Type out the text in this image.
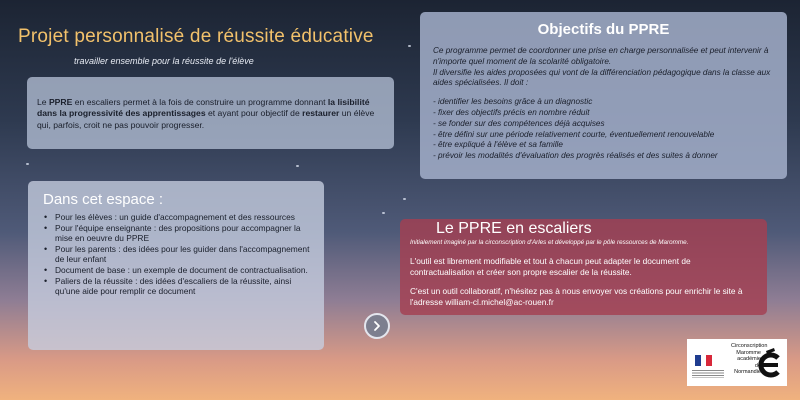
Projet personnalisé de réussite éducative

travailler ensemble pour la réussite de l'élève

Le PPRE en escaliers permet à la fois de construire un programme donnant la lisibilité dans la progressivité des apprentissages et ayant pour objectif de restaurer un élève qui, parfois, croit ne pas pouvoir progresser.
Dans cet espace :
• Pour les élèves : un guide d'accompagnement et des ressources
• Pour l'équipe enseignante : des propositions pour accompagner la mise en oeuvre du PPRE
• Pour les parents : des idées pour les guider dans l'accompagnement de leur enfant
• Document de base : un exemple de document de contractualisation.
• Paliers de la réussite : des idées d'escaliers de la réussite, ainsi qu'une aide pour remplir ce document
Objectifs du PPRE

Ce programme permet de coordonner une prise en charge personnalisée et peut intervenir à n'importe quel moment de la scolarité obligatoire.

Il diversifie les aides proposées qui vont de la différenciation pédagogique dans la classe aux aides spécialisées. Il doit :

- identifier les besoins grâce à un diagnostic

- fixer des objectifs précis en nombre réduit

- se fonder sur des compétences déjà acquises

- être défini sur une période relativement courte, éventuellement renouvelable

- être expliqué à l'élève et sa famille

- prévoir les modalités d'évaluation des progrès réalisés et des suites à donner

Le PPRE en escaliers

Initialement imaginé par la circonscription d'Arles et développé par le pôle ressources de Maromme.

L'outil est librement modifiable et tout à chacun peut adapter le document de contractualisation et créer son propre escalier de la réussite.

C'est un outil collaboratif, n'hésitez pas à nous envoyer vos créations pour enrichir le site à l'adresse william-cl.michel@ac-rouen.fr

Circonscription
Maromme
académie de Normandie
